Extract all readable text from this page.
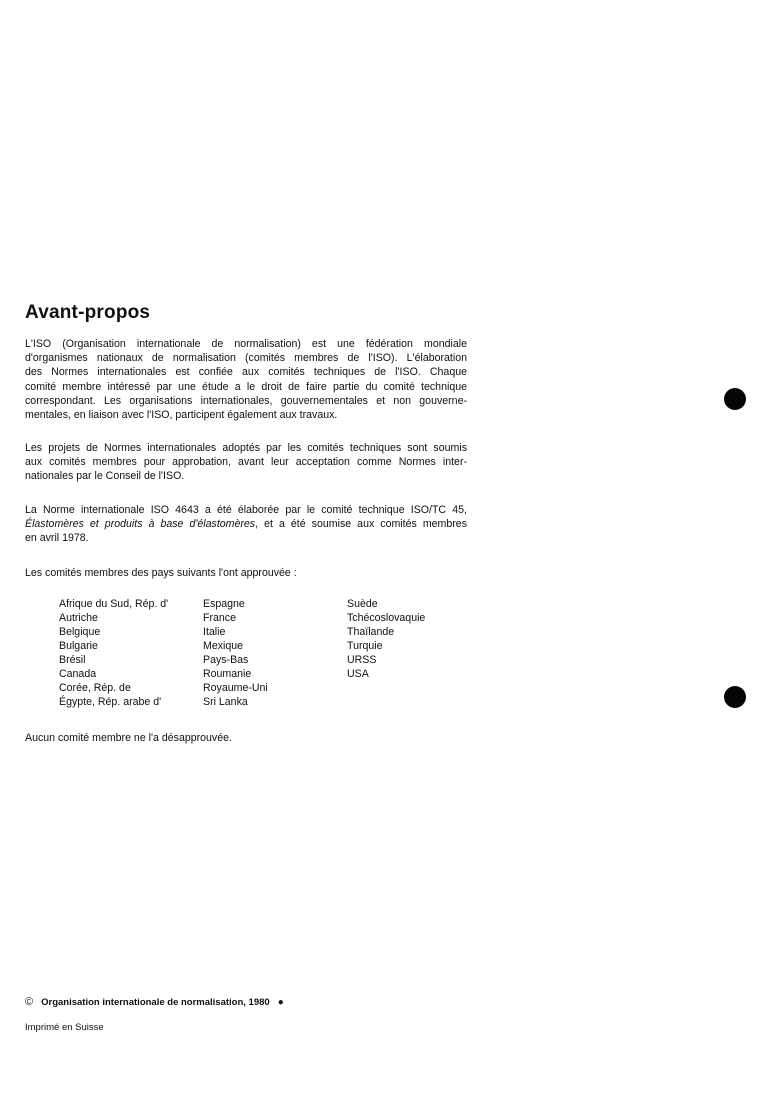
Avant-propos

L'ISO (Organisation internationale de normalisation) est une fédération mondiale
d'organismes nationaux de normalisation (comités membres de l'ISO). L'élaboration
des Normes internationales est confiée aux comités techniques de l'ISO. Chaque
comité membre intéressé par une étude a le droit de faire partie du comité technique
correspondant. Les organisations internationales, gouvernementales et non gouverne-
mentales, en liaison avec l'ISO, participent également aux travaux.

Les projets de Normes internationales adoptés par les comités techniques sont soumis
aux comités membres pour approbation, avant leur acceptation comme Normes inter-
nationales par le Conseil de l'ISO.

La Norme internationale ISO 4643 a été élaborée par le comité technique ISO/TC 45,
Élastomères et produits à base d'élastomères, et a été soumise aux comités membres
en avril 1978.

Les comités membres des pays suivants l'ont approuvée :

Afrique du Sud, Rép. d'
Autriche
Belgique
Bulgarie
Brésil
Canada
Corée, Rép. de
Égypte, Rép. arabe d'
Espagne
France
Italie
Mexique
Pays-Bas
Roumanie
Royaume-Uni
Sri Lanka
Suède
Tchécoslovaquie
Thaïlande
Turquie
URSS
USA

Aucun comité membre ne l'a désapprouvée.

© Organisation internationale de normalisation, 1980 ●
Imprimé en Suisse
